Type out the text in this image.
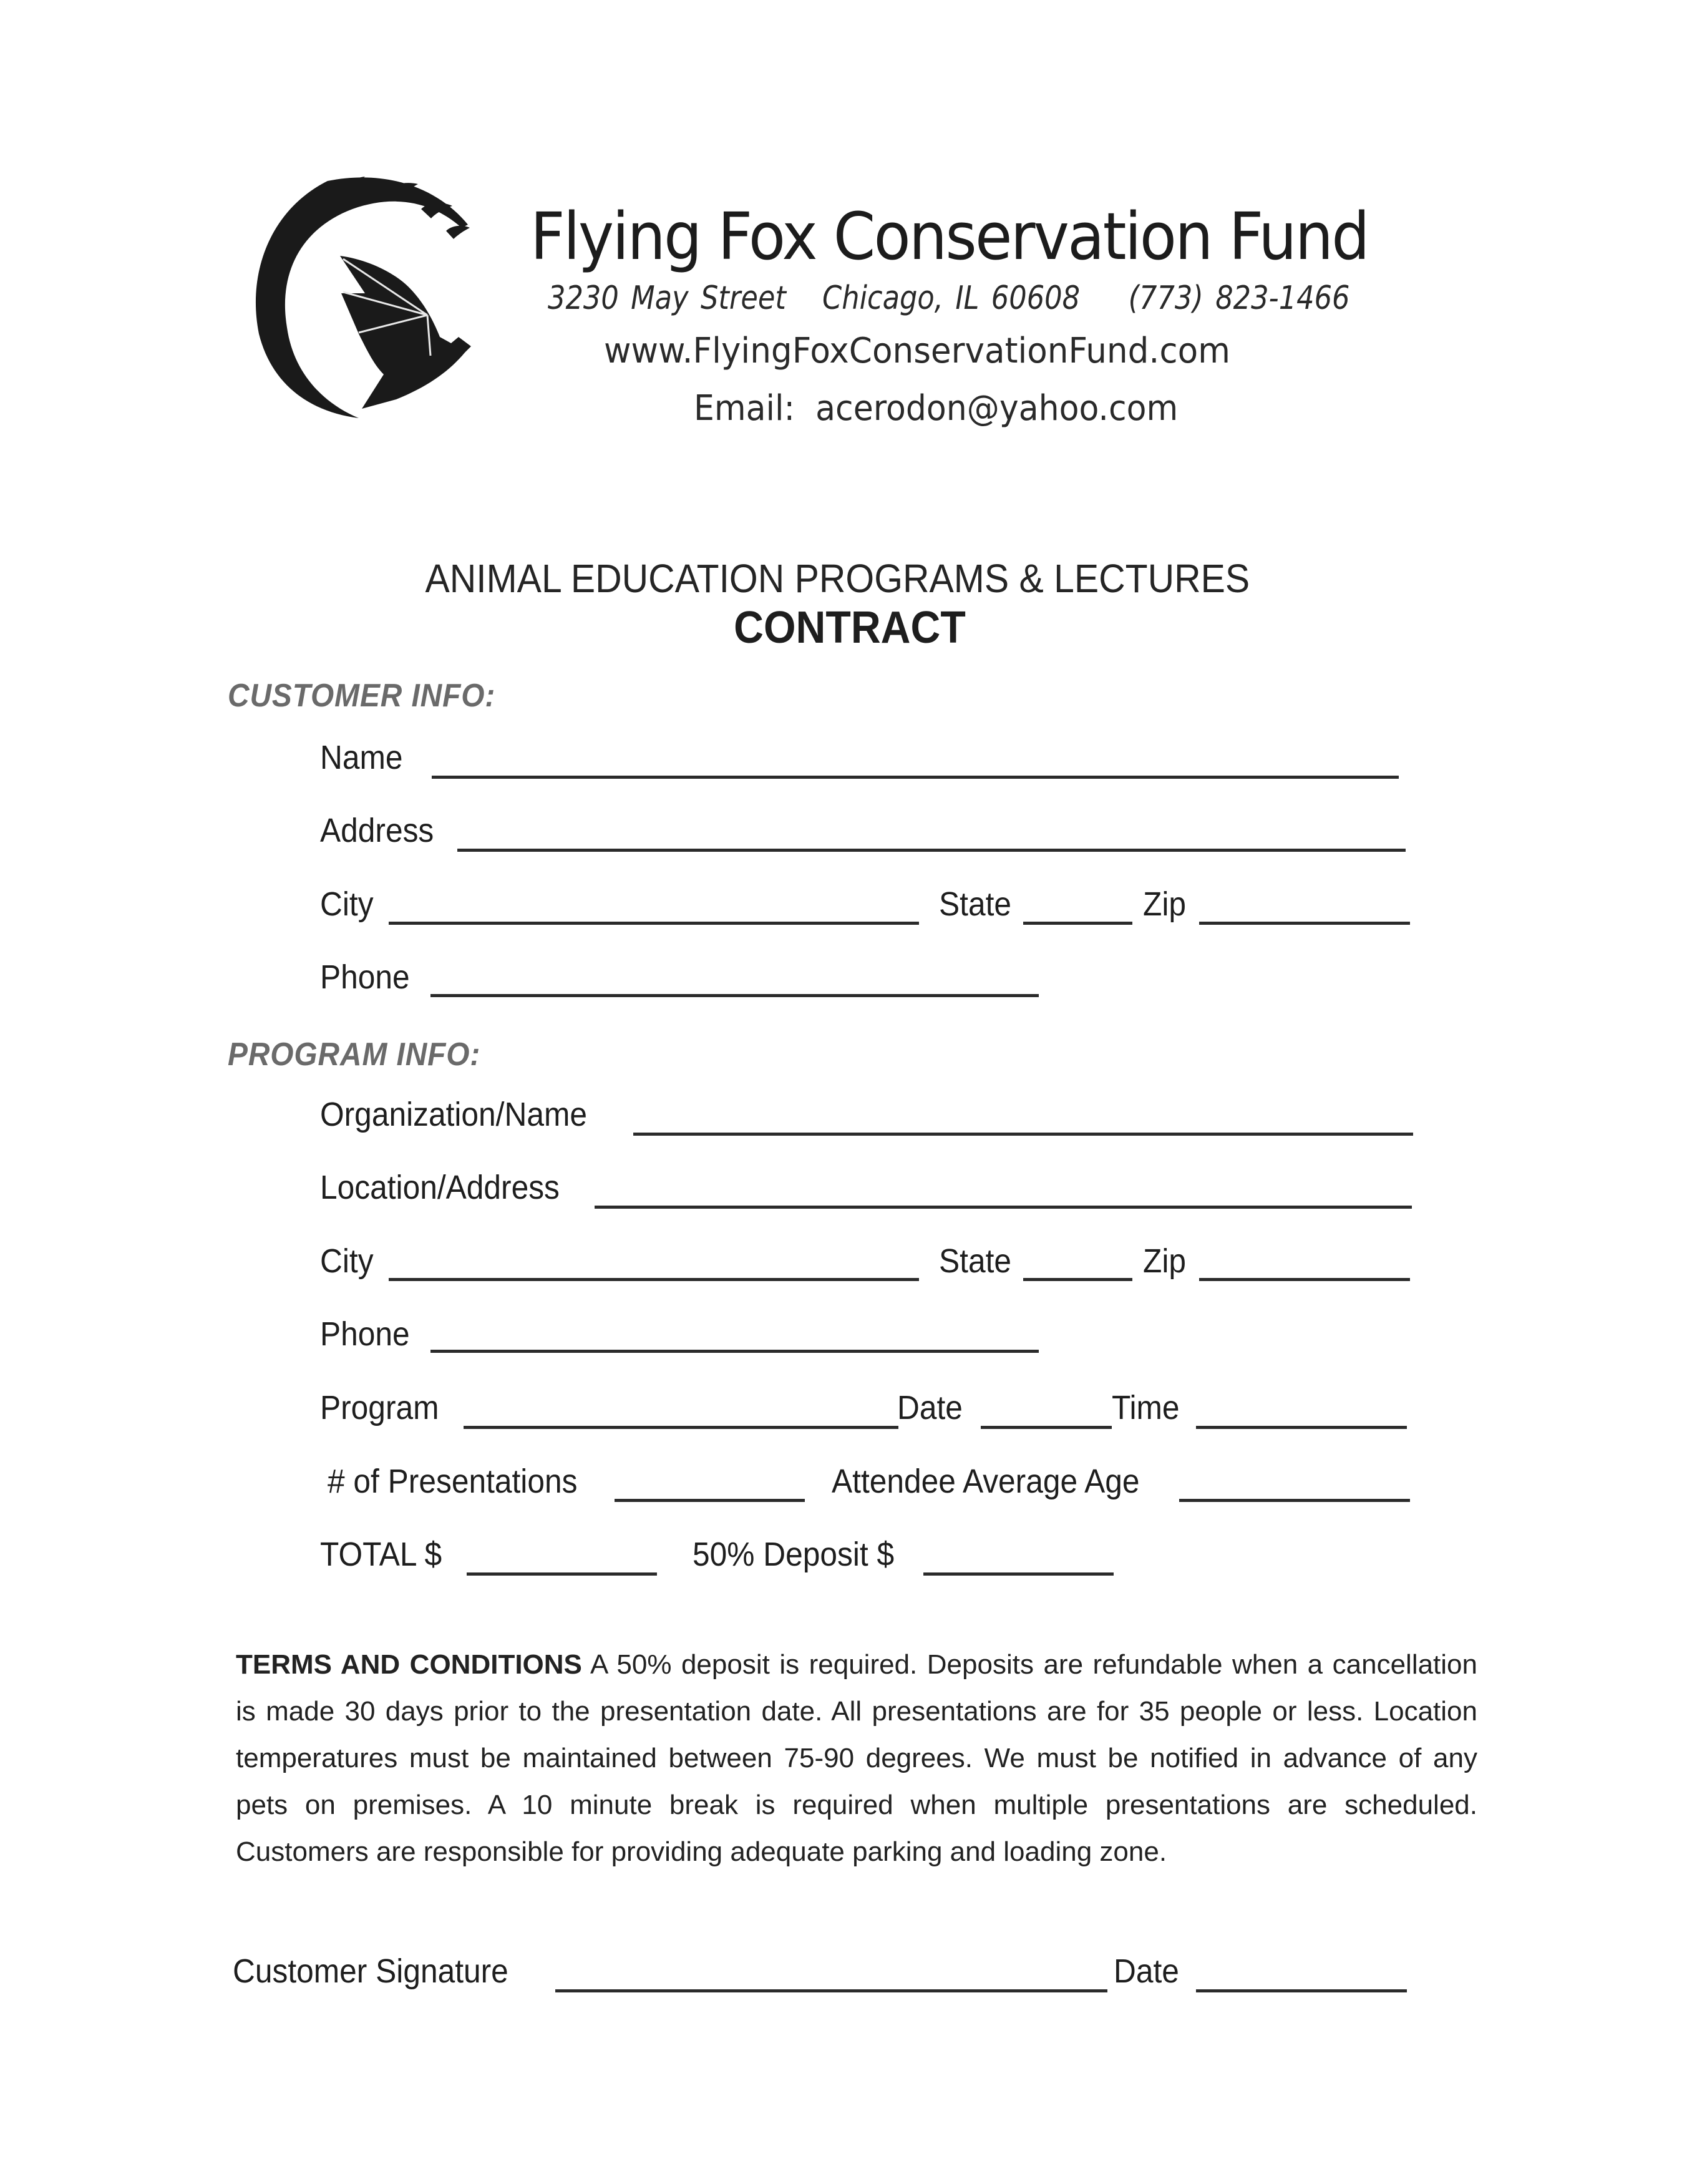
Flying Fox Conservation Fund
3230 May Street   Chicago, IL 60608    (773) 823-1466
www.FlyingFoxConservationFund.com
Email:  acerodon@yahoo.com
ANIMAL EDUCATION PROGRAMS & LECTURES
CONTRACT
CUSTOMER INFO:
Name
Address
City	State	Zip
Phone
PROGRAM INFO:
Organization/Name
Location/Address
City	State	Zip
Phone
Program	Date	Time
# of Presentations	Attendee Average Age
TOTAL $	50% Deposit $
TERMS AND CONDITIONS A 50% deposit is required. Deposits are refundable when a cancellation is made 30 days prior to the presentation date. All presentations are for 35 people or less. Location temperatures must be maintained between 75-90 degrees. We must be notified in advance of any pets on premises. A 10 minute break is required when multiple presentations are scheduled. Customers are responsible for providing adequate parking and loading zone.
Customer Signature	Date
